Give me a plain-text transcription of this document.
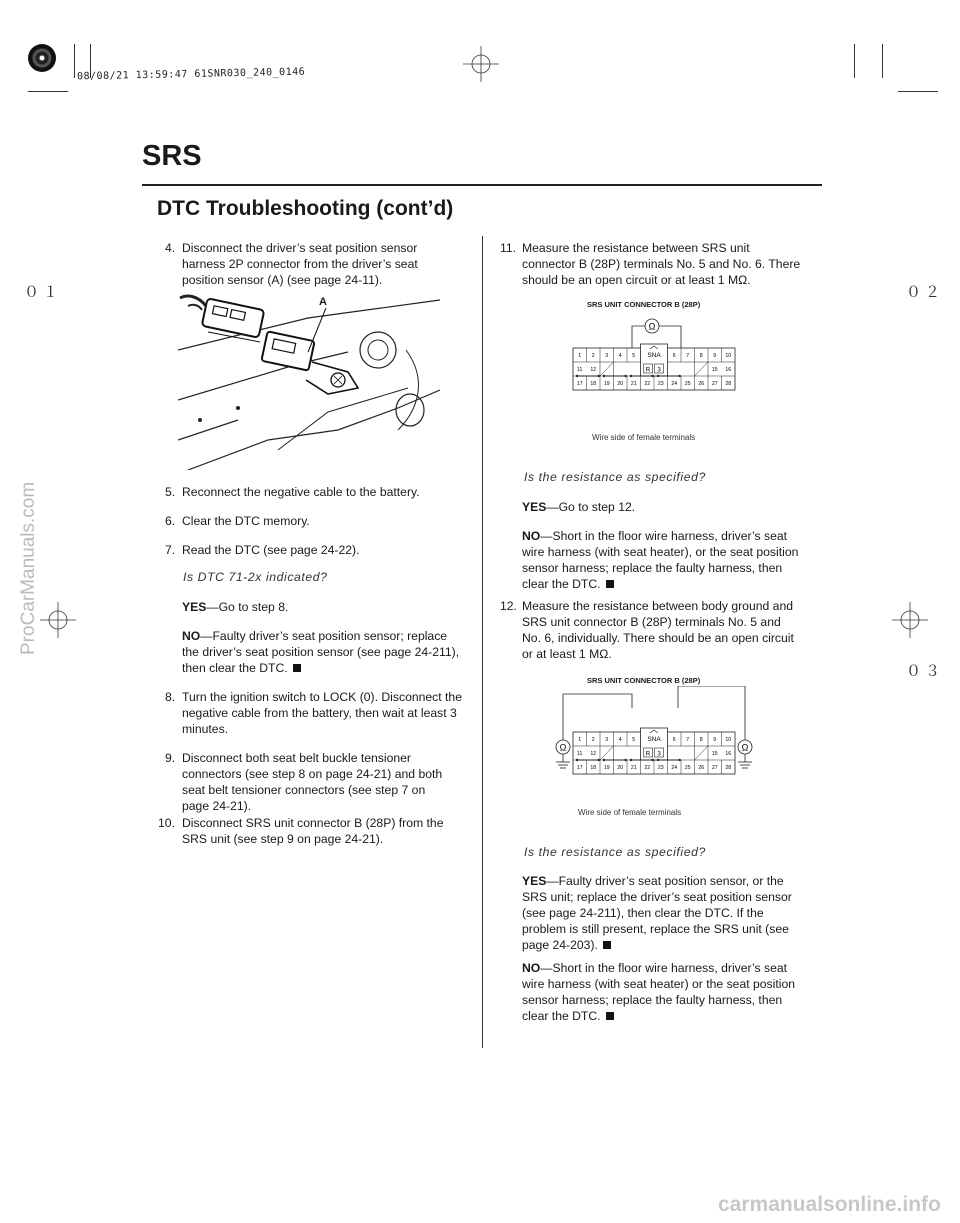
08/08/21 13:59:47 61SNR030_240_0146
０１	０２
０３
SRS
DTC Troubleshooting (cont’d)
4. Disconnect the driver’s seat position sensor harness 2P connector from the driver’s seat position sensor (A) (see page 24-11).
A
5. Reconnect the negative cable to the battery.
6. Clear the DTC memory.
7. Read the DTC (see page 24-22).
Is DTC 71-2x indicated?
YES—Go to step 8.
NO—Faulty driver’s seat position sensor; replace the driver’s seat position sensor (see page 24-211), then clear the DTC.
8. Turn the ignition switch to LOCK (0). Disconnect the negative cable from the battery, then wait at least 3 minutes.
9. Disconnect both seat belt buckle tensioner connectors (see step 8 on page 24-21) and both seat belt tensioner connectors (see step 7 on page 24-21).
10. Disconnect SRS unit connector B (28P) from the SRS unit (see step 9 on page 24-21).
11. Measure the resistance between SRS unit connector B (28P) terminals No. 5 and No. 6. There should be an open circuit or at least 1 MΩ.
SRS UNIT CONNECTOR B (28P)
Ω
SNA
R 3
1 2 3 4 5	6 7 8 9 10
11 12	15 16
17 18 19 20 21 22 23 24 25 26 27 28
Wire side of female terminals
Is the resistance as specified?
YES—Go to step 12.
NO—Short in the floor wire harness, driver’s seat wire harness (with seat heater), or the seat position sensor harness; replace the faulty harness, then clear the DTC.
12. Measure the resistance between body ground and SRS unit connector B (28P) terminals No. 5 and No. 6, individually. There should be an open circuit or at least 1 MΩ.
SRS UNIT CONNECTOR B (28P)
Ω	Ω
SNA
R 3
1 2 3 4 5	6 7 8 9 10
11 12	15 16
17 18 19 20 21 22 23 24 25 26 27 28
Wire side of female terminals
Is the resistance as specified?
YES—Faulty driver’s seat position sensor, or the SRS unit; replace the driver’s seat position sensor (see page 24-211), then clear the DTC. If the problem is still present, replace the SRS unit (see page 24-203).
NO—Short in the floor wire harness, driver’s seat wire harness (with seat heater) or the seat position sensor harness; replace the faulty harness, then clear the DTC.
ProCarManuals.com
carmanualsonline.info
